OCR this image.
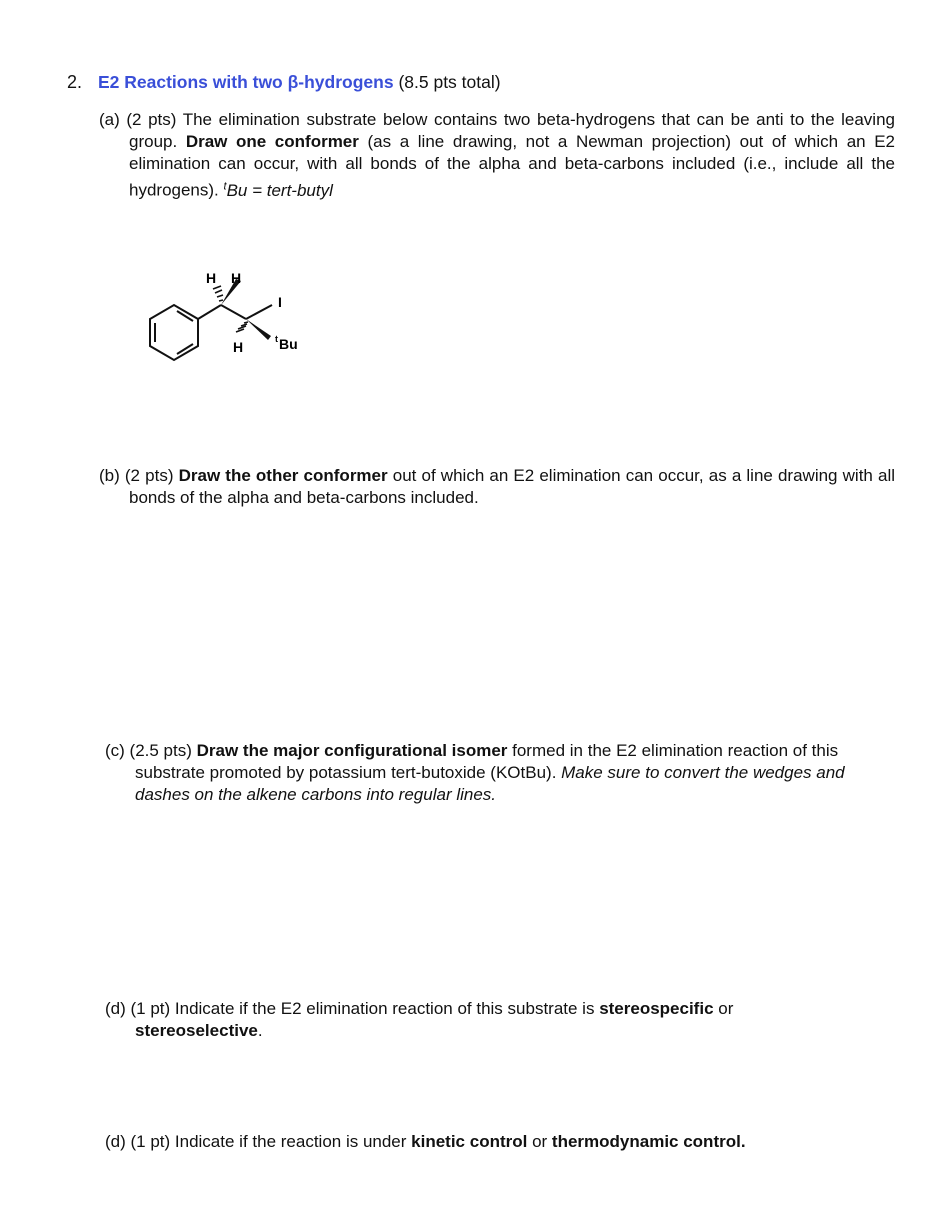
2. E2 Reactions with two β-hydrogens (8.5 pts total)

(a) (2 pts) The elimination substrate below contains two beta-hydrogens that can be anti to the leaving group. Draw one conformer (as a line drawing, not a Newman projection) out of which an E2 elimination can occur, with all bonds of the alpha and beta-carbons included (i.e., include all the hydrogens). $^t$Bu = tert-butyl

H H
I
H	t Bu

(b) (2 pts) Draw the other conformer out of which an E2 elimination can occur, as a line drawing with all bonds of the alpha and beta-carbons included.

(c) (2.5 pts) Draw the major configurational isomer formed in the E2 elimination reaction of this substrate promoted by potassium tert-butoxide (KOtBu). Make sure to convert the wedges and dashes on the alkene carbons into regular lines.

(d) (1 pt) Indicate if the E2 elimination reaction of this substrate is stereospecific or stereoselective.

(d) (1 pt) Indicate if the reaction is under kinetic control or thermodynamic control.
